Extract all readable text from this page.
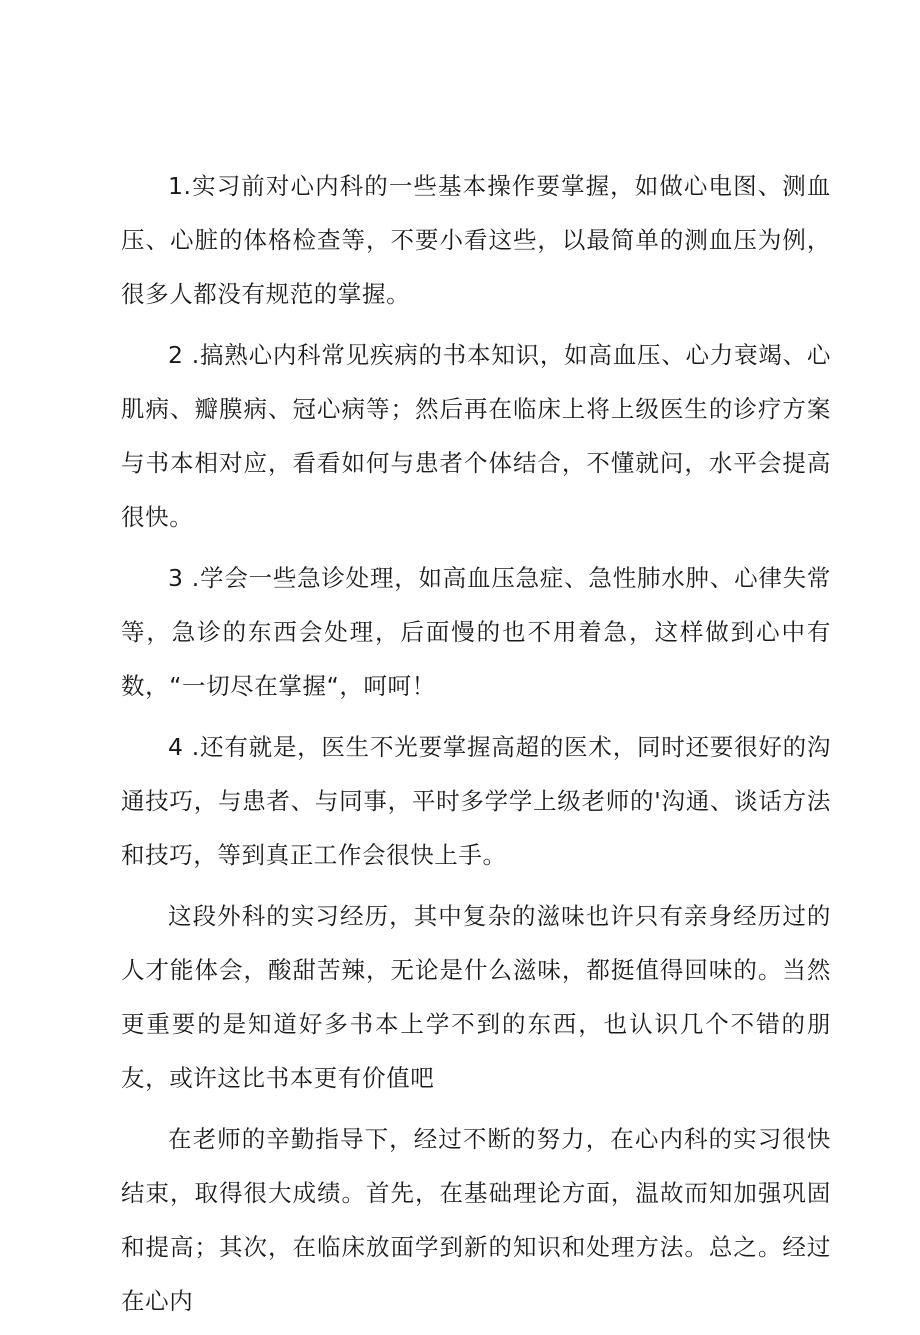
1.实习前对心内科的一些基本操作要掌握，如做心电图、测血压、心脏的体格检查等，不要小看这些，以最简单的测血压为例，很多人都没有规范的掌握。

2 .搞熟心内科常见疾病的书本知识，如高血压、心力衰竭、心肌病、瓣膜病、冠心病等；然后再在临床上将上级医生的诊疗方案与书本相对应，看看如何与患者个体结合，不懂就问，水平会提高很快。

3 .学会一些急诊处理，如高血压急症、急性肺水肿、心律失常等，急诊的东西会处理，后面慢的也不用着急，这样做到心中有数，“一切尽在掌握“，呵呵！

4 .还有就是，医生不光要掌握高超的医术，同时还要很好的沟通技巧，与患者、与同事，平时多学学上级老师的'沟通、谈话方法和技巧，等到真正工作会很快上手。

这段外科的实习经历，其中复杂的滋味也许只有亲身经历过的人才能体会，酸甜苦辣，无论是什么滋味，都挺值得回味的。当然更重要的是知道好多书本上学不到的东西，也认识几个不错的朋友，或许这比书本更有价值吧

在老师的辛勤指导下，经过不断的努力，在心内科的实习很快结束，取得很大成绩。首先，在基础理论方面，温故而知加强巩固和提高；其次，在临床放面学到新的知识和处理方法。总之。经过在心内
